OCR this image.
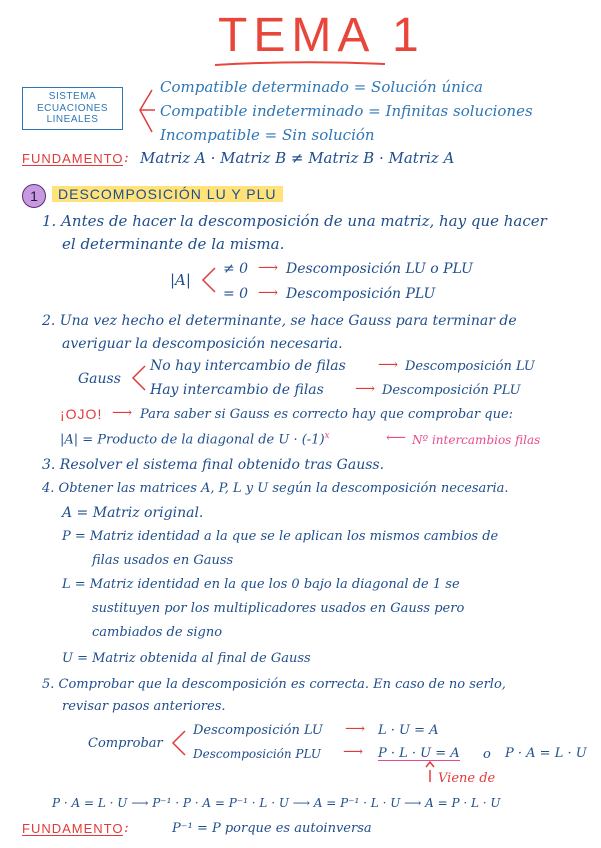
TEMA 1
SISTEMA
ECUACIONES
LINEALES
Compatible determinado = Solución única
Compatible indeterminado = Infinitas soluciones
Incompatible = Sin solución
FUNDAMENTO : Matriz A · Matriz B ≠ Matriz B · Matriz A
1	DESCOMPOSICIÓN LU Y PLU
1. Antes de hacer la descomposición de una matriz, hay que hacer
el determinante de la misma.
|A|
≠ 0 ⟶ Descomposición LU o PLU
= 0 ⟶ Descomposición PLU
2. Una vez hecho el determinante, se hace Gauss para terminar de
averiguar la descomposición necesaria.
Gauss
No hay intercambio de filas ⟶ Descomposición LU
Hay intercambio de filas ⟶ Descomposición PLU
¡OJO! ⟶ Para saber si Gauss es correcto hay que comprobar que:
|A| = Producto de la diagonal de $U \cdot (-1)^x$	⟵ Nº intercambios filas
3. Resolver el sistema final obtenido tras Gauss.
4. Obtener las matrices A, P, L y U según la descomposición necesaria.
A = Matriz original.
P = Matriz identidad a la que se le aplican los mismos cambios de
filas usados en Gauss
L = Matriz identidad en la que los 0 bajo la diagonal de 1 se
sustituyen por los multiplicadores usados en Gauss pero
cambiados de signo
U = Matriz obtenida al final de Gauss
5. Comprobar que la descomposición es correcta. En caso de no serlo,
revisar pasos anteriores.
Comprobar
Descomposición LU ⟶ L · U = A
Descomposición PLU ⟶ P · L · U = A o P · A = L · U
Viene de
P · A = L · U ⟶ P⁻¹ · P · A = P⁻¹ · L · U ⟶ A = P⁻¹ · L · U ⟶ A = P · L · U
FUNDAMENTO :	P⁻¹ = P porque es autoinversa
